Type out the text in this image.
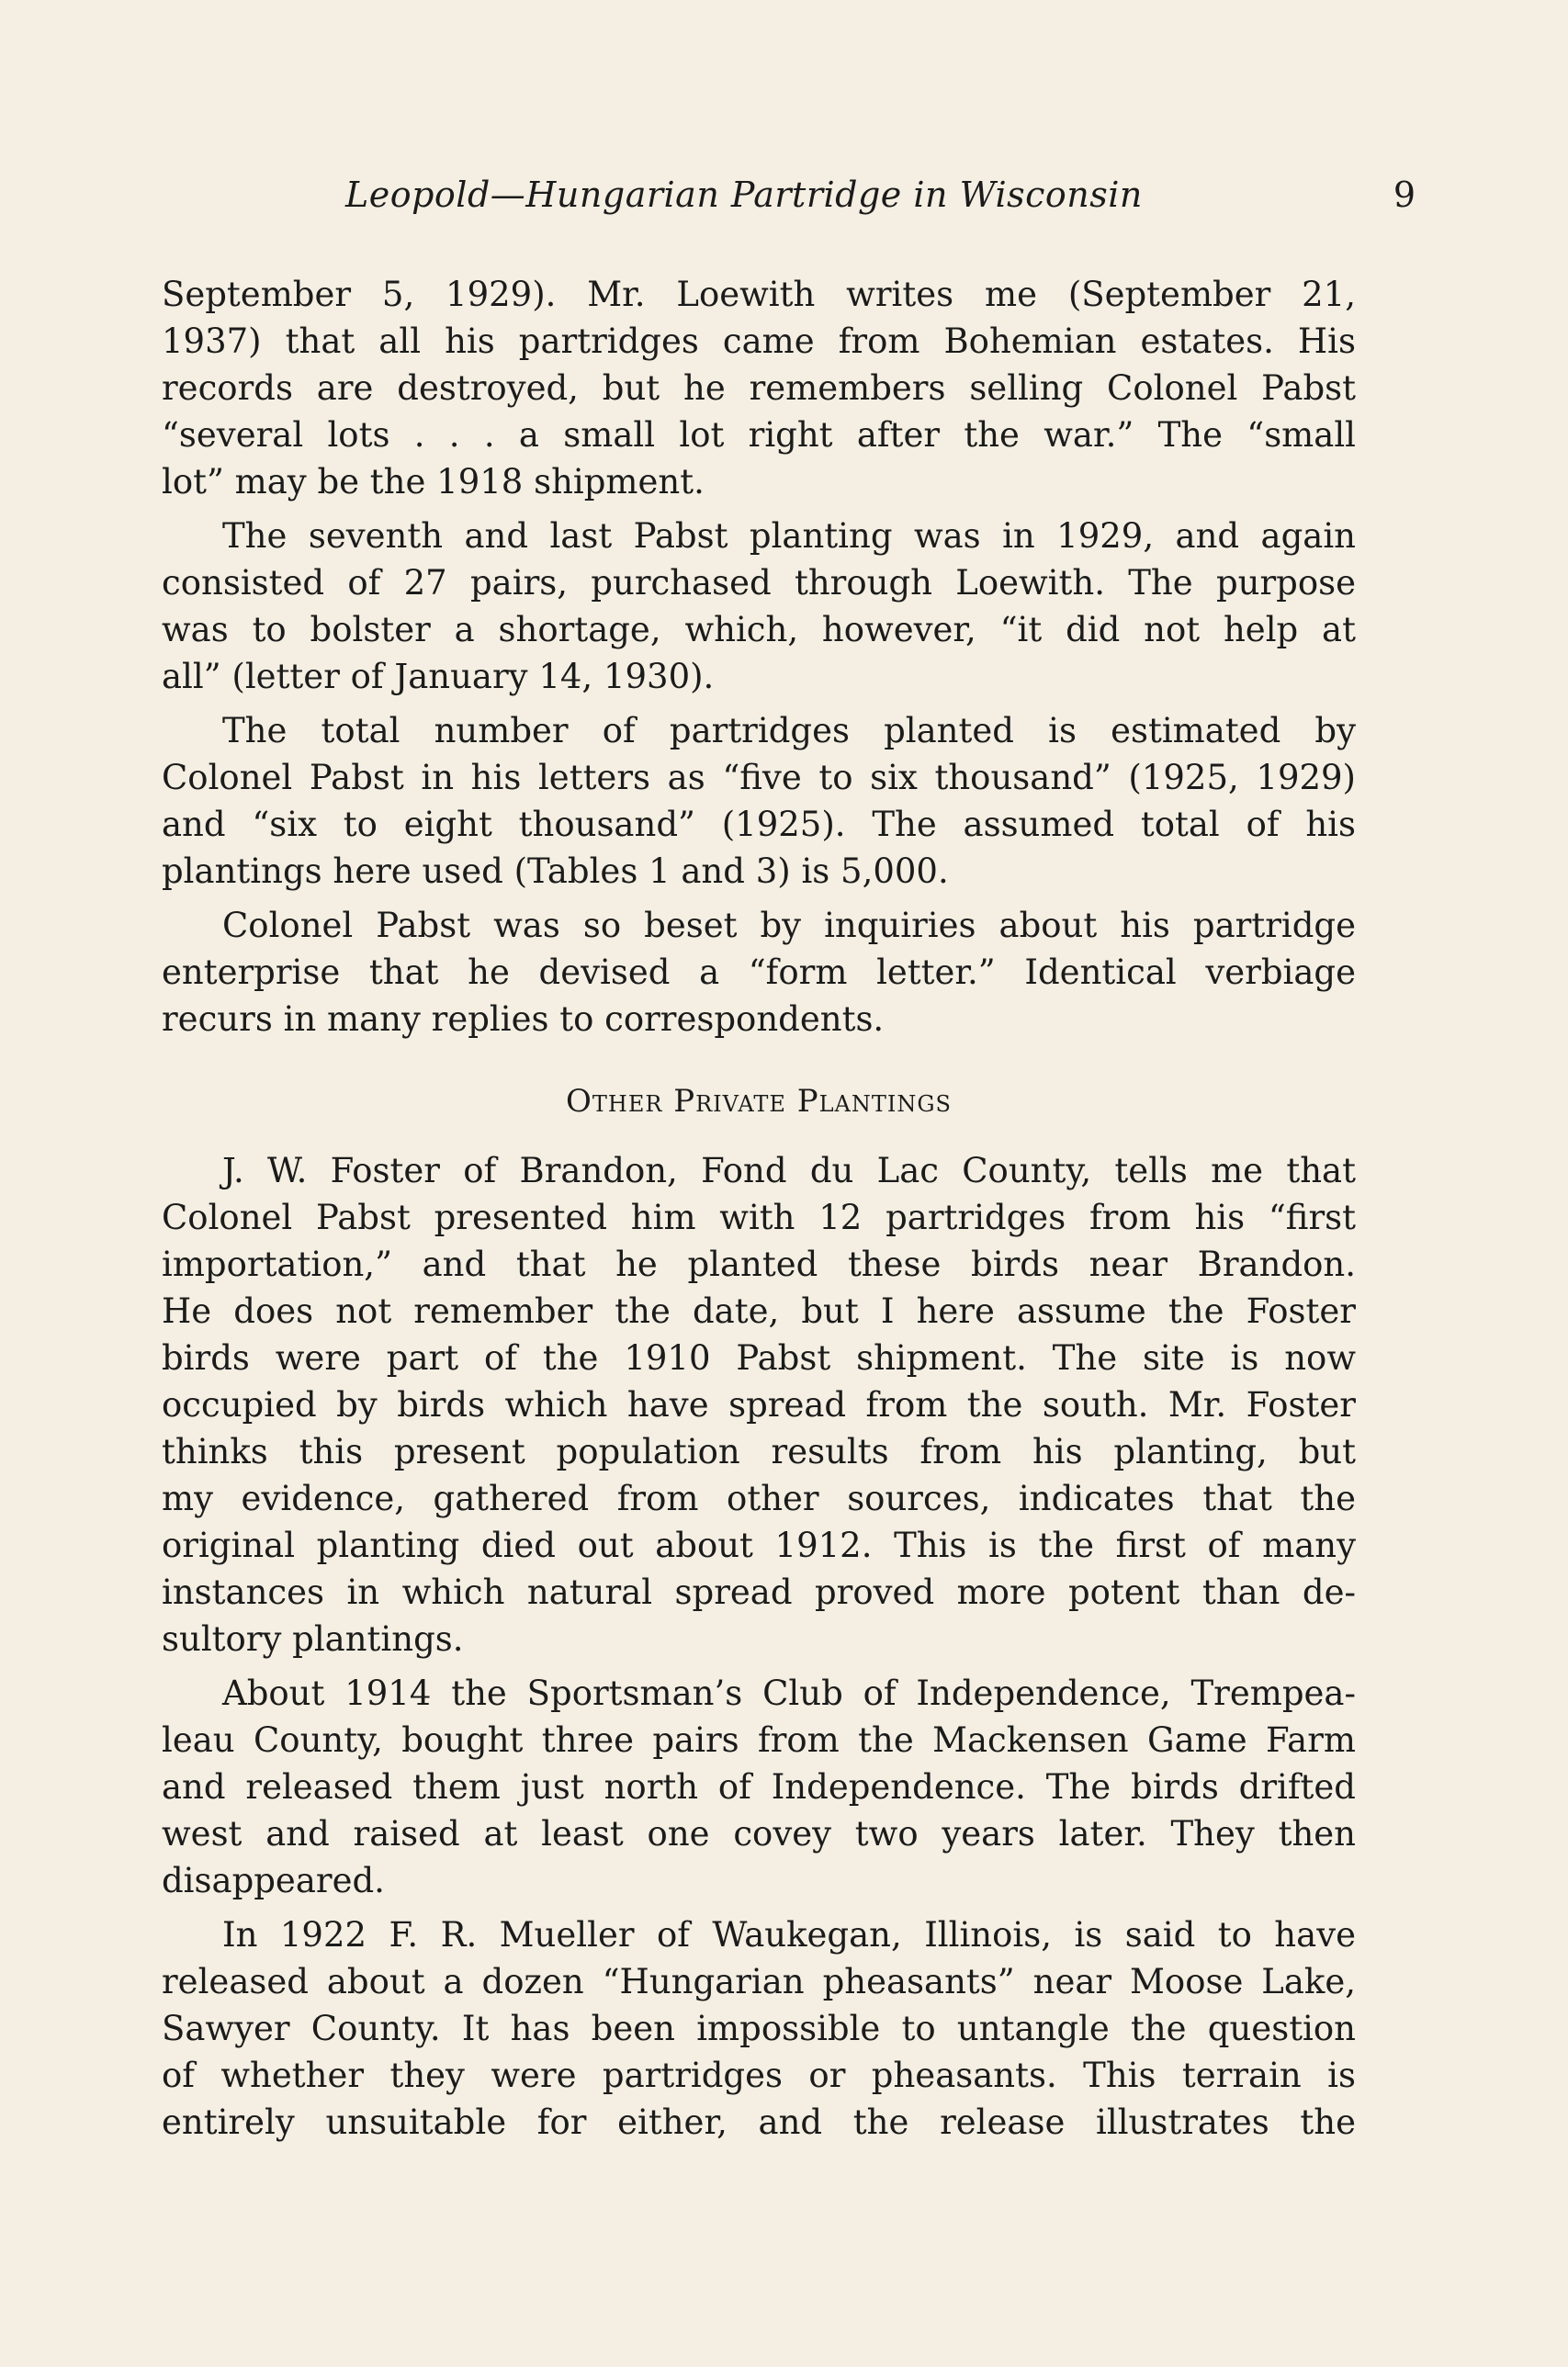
Leopold—Hungarian Partridge in Wisconsin	9

September 5, 1929). Mr. Loewith writes me (September 21,
1937) that all his partridges came from Bohemian estates. His
records are destroyed, but he remembers selling Colonel Pabst
“several lots . . . a small lot right after the war.” The “small
lot” may be the 1918 shipment.

The seventh and last Pabst planting was in 1929, and again
consisted of 27 pairs, purchased through Loewith. The purpose
was to bolster a shortage, which, however, “it did not help at
all” (letter of January 14, 1930).

The total number of partridges planted is estimated by
Colonel Pabst in his letters as “five to six thousand” (1925, 1929)
and “six to eight thousand” (1925). The assumed total of his
plantings here used (Tables 1 and 3) is 5,000.

Colonel Pabst was so beset by inquiries about his partridge
enterprise that he devised a “form letter.” Identical verbiage
recurs in many replies to correspondents.

Other Private Plantings

J. W. Foster of Brandon, Fond du Lac County, tells me that
Colonel Pabst presented him with 12 partridges from his “first
importation,” and that he planted these birds near Brandon.
He does not remember the date, but I here assume the Foster
birds were part of the 1910 Pabst shipment. The site is now
occupied by birds which have spread from the south. Mr. Foster
thinks this present population results from his planting, but
my evidence, gathered from other sources, indicates that the
original planting died out about 1912. This is the first of many
instances in which natural spread proved more potent than de-
sultory plantings.

About 1914 the Sportsman’s Club of Independence, Trempea-
leau County, bought three pairs from the Mackensen Game Farm
and released them just north of Independence. The birds drifted
west and raised at least one covey two years later. They then
disappeared.

In 1922 F. R. Mueller of Waukegan, Illinois, is said to have
released about a dozen “Hungarian pheasants” near Moose Lake,
Sawyer County. It has been impossible to untangle the question
of whether they were partridges or pheasants. This terrain is
entirely unsuitable for either, and the release illustrates the
